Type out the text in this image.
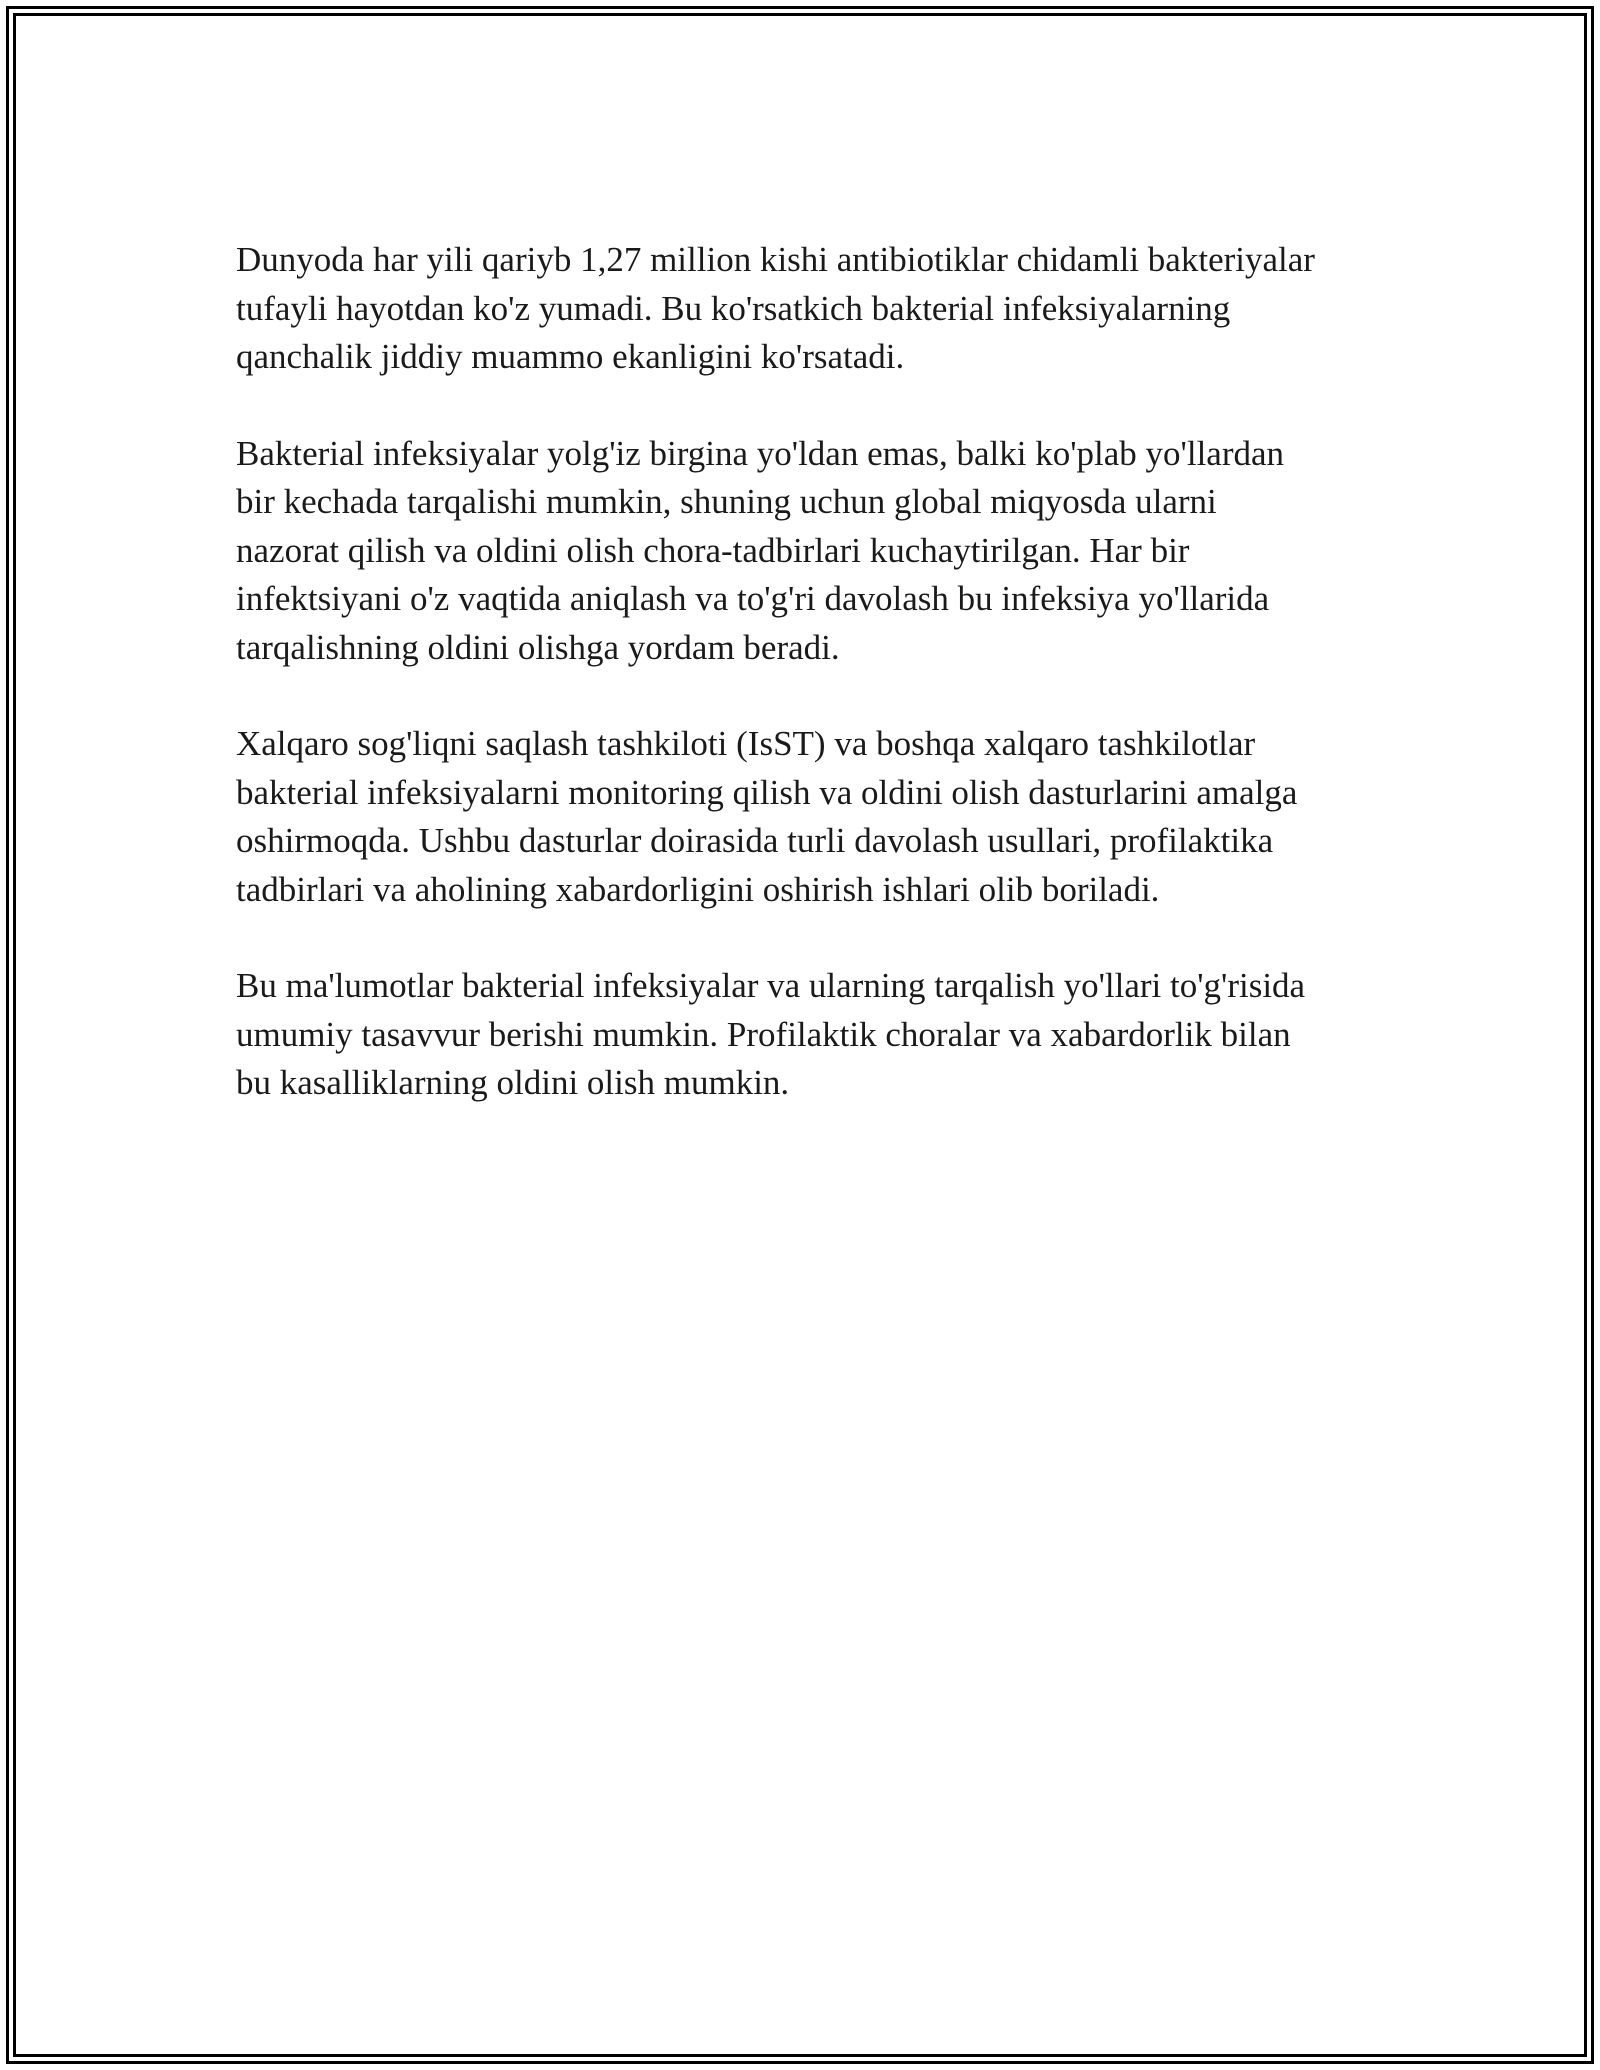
Dunyoda har yili qariyb 1,27 million kishi antibiotiklar chidamli bakteriyalar
tufayli hayotdan ko'z yumadi. Bu ko'rsatkich bakterial infeksiyalarning
qanchalik jiddiy muammo ekanligini ko'rsatadi.

Bakterial infeksiyalar yolg'iz birgina yo'ldan emas, balki ko'plab yo'llardan
bir kechada tarqalishi mumkin, shuning uchun global miqyosda ularni
nazorat qilish va oldini olish chora-tadbirlari kuchaytirilgan. Har bir
infektsiyani o'z vaqtida aniqlash va to'g'ri davolash bu infeksiya yo'llarida
tarqalishning oldini olishga yordam beradi.

Xalqaro sog'liqni saqlash tashkiloti (IsST) va boshqa xalqaro tashkilotlar
bakterial infeksiyalarni monitoring qilish va oldini olish dasturlarini amalga
oshirmoqda. Ushbu dasturlar doirasida turli davolash usullari, profilaktika
tadbirlari va aholining xabardorligini oshirish ishlari olib boriladi.

Bu ma'lumotlar bakterial infeksiyalar va ularning tarqalish yo'llari to'g'risida
umumiy tasavvur berishi mumkin. Profilaktik choralar va xabardorlik bilan
bu kasalliklarning oldini olish mumkin.
